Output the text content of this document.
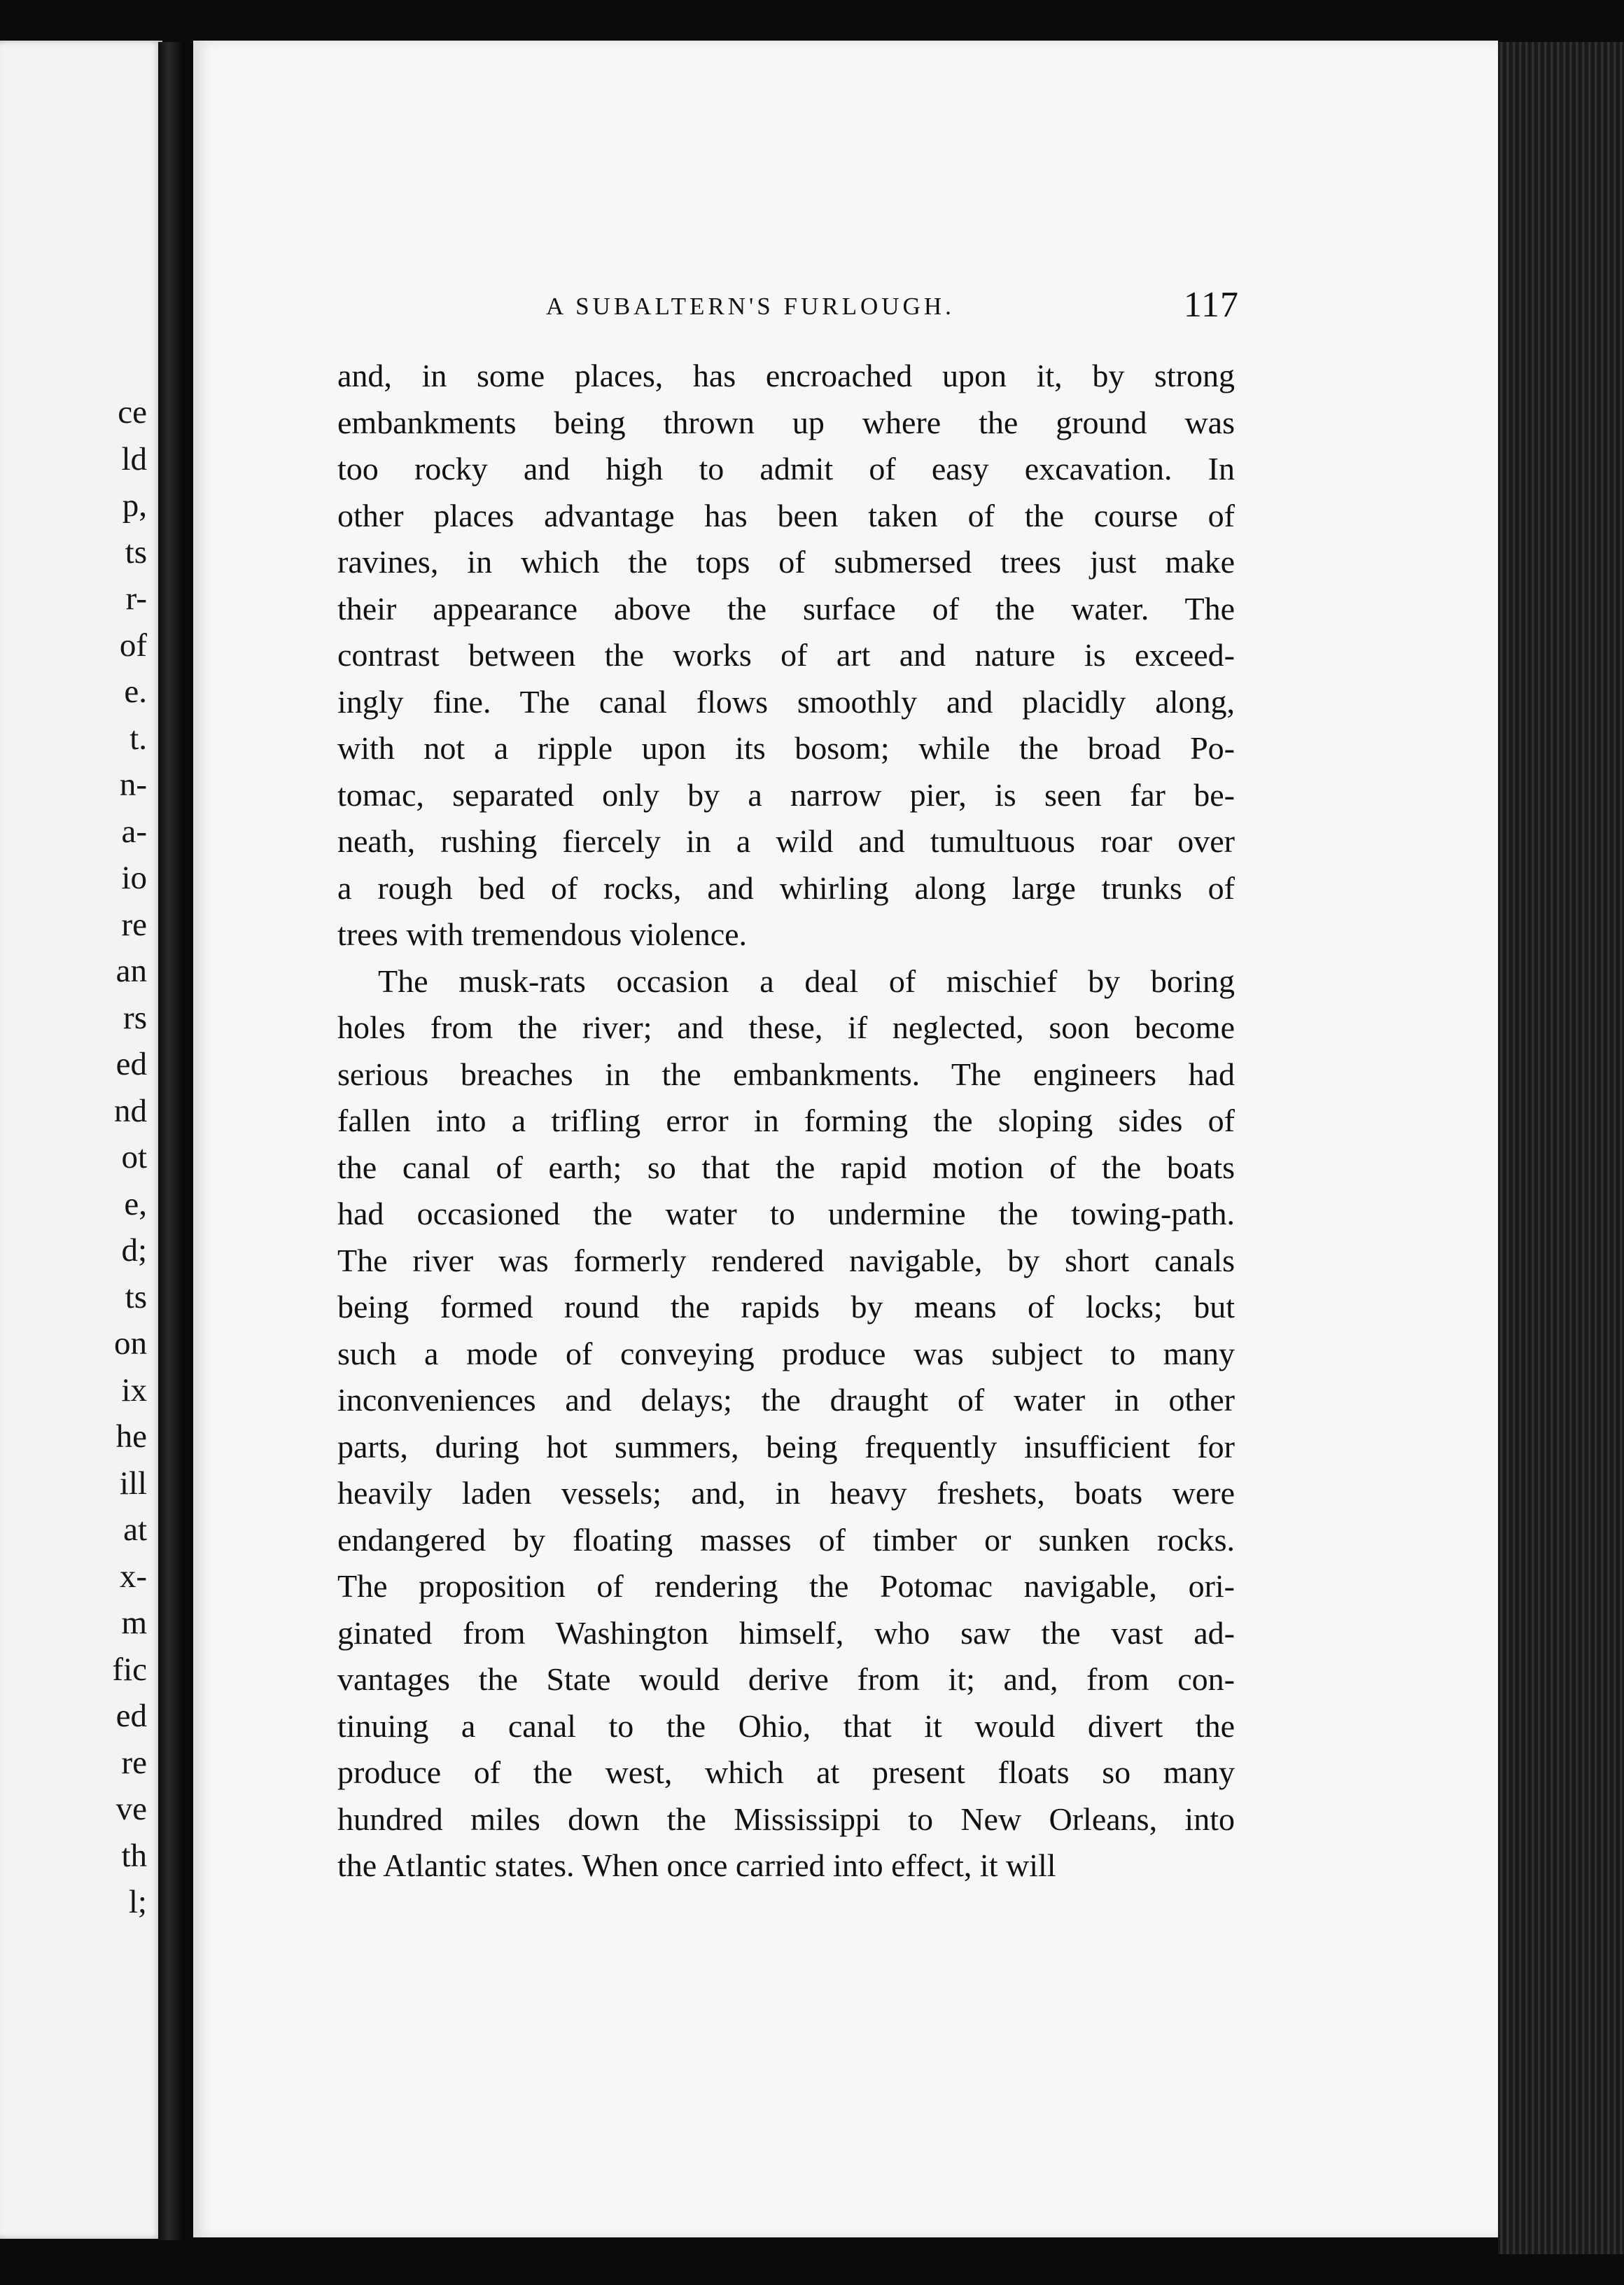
ce
ld
p,
ts
r-
of
e.
t.
n-
a-
io
re
an
rs
ed
nd
ot
e,
d;
ts
on
ix
he
ill
at
x-
m
fic
ed
re
ve
th
l;
A SUBALTERN'S FURLOUGH.	117
and, in some places, has encroached upon it, by strong
embankments being thrown up where the ground was
too rocky and high to admit of easy excavation. In
other places advantage has been taken of the course of
ravines, in which the tops of submersed trees just make
their appearance above the surface of the water. The
contrast between the works of art and nature is exceed-
ingly fine. The canal flows smoothly and placidly along,
with not a ripple upon its bosom; while the broad Po-
tomac, separated only by a narrow pier, is seen far be-
neath, rushing fiercely in a wild and tumultuous roar over
a rough bed of rocks, and whirling along large trunks of
trees with tremendous violence.
The musk-rats occasion a deal of mischief by boring
holes from the river; and these, if neglected, soon become
serious breaches in the embankments. The engineers had
fallen into a trifling error in forming the sloping sides of
the canal of earth; so that the rapid motion of the boats
had occasioned the water to undermine the towing-path.
The river was formerly rendered navigable, by short canals
being formed round the rapids by means of locks; but
such a mode of conveying produce was subject to many
inconveniences and delays; the draught of water in other
parts, during hot summers, being frequently insufficient for
heavily laden vessels; and, in heavy freshets, boats were
endangered by floating masses of timber or sunken rocks.
The proposition of rendering the Potomac navigable, ori-
ginated from Washington himself, who saw the vast ad-
vantages the State would derive from it; and, from con-
tinuing a canal to the Ohio, that it would divert the
produce of the west, which at present floats so many
hundred miles down the Mississippi to New Orleans, into
the Atlantic states. When once carried into effect, it will
